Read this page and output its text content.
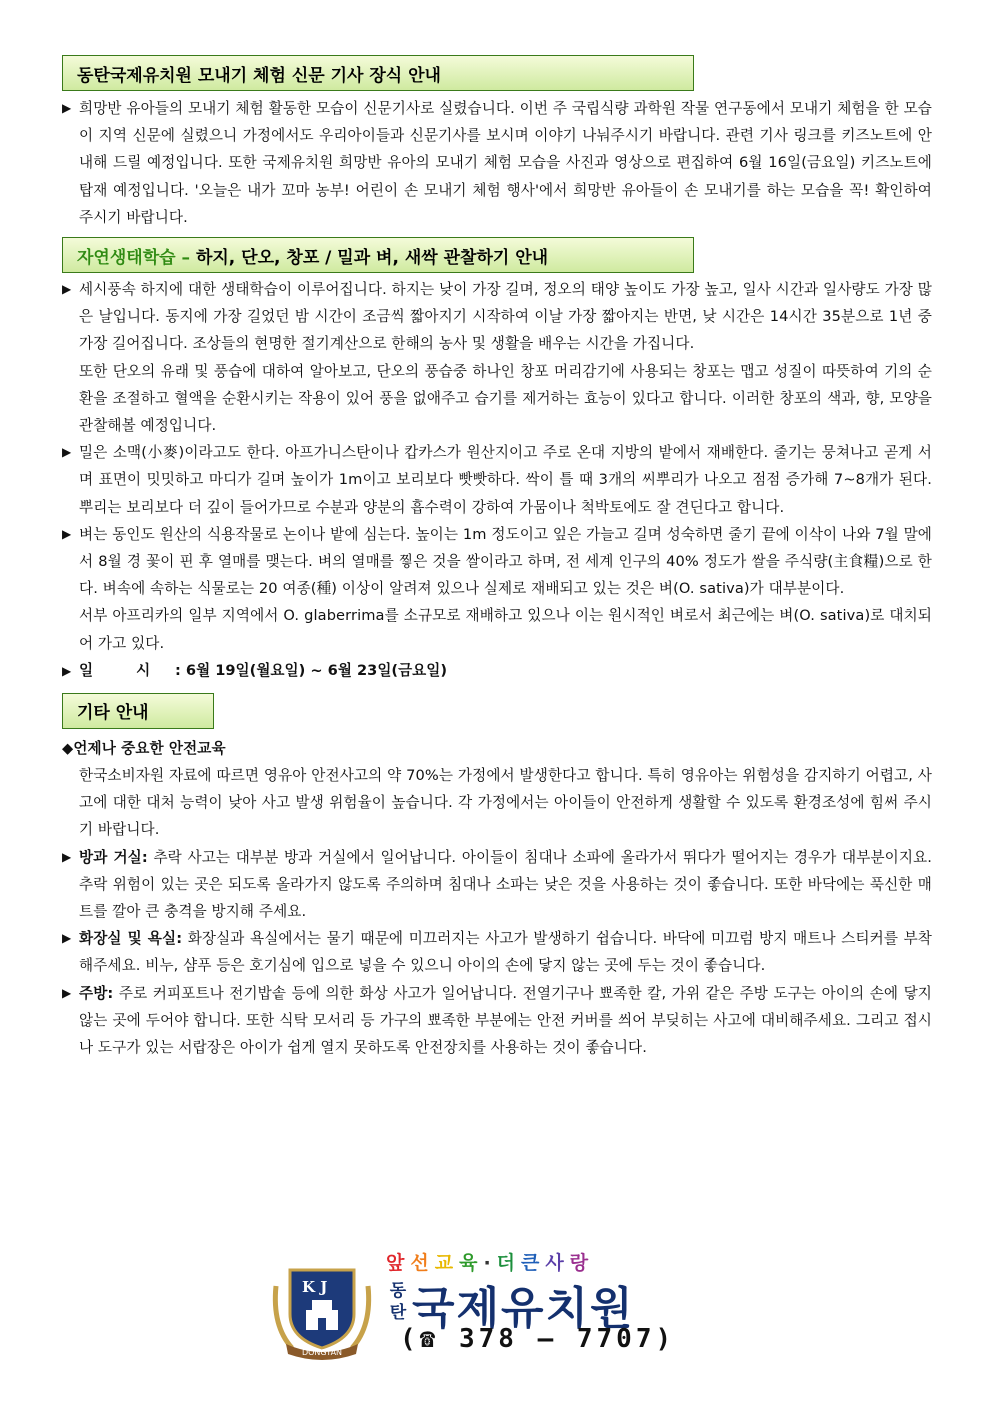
동탄국제유치원 모내기 체험 신문 기사 장식 안내
▶ 희망반 유아들의 모내기 체험 활동한 모습이 신문기사로 실렸습니다. 이번 주 국립식량 과학원 작물 연구동에서 모내기 체험을 한 모습이 지역 신문에 실렸으니 가정에서도 우리아이들과 신문기사를 보시며 이야기 나눠주시기 바랍니다. 관련 기사 링크를 키즈노트에 안내해 드릴 예정입니다. 또한 국제유치원 희망반 유아의 모내기 체험 모습을 사진과 영상으로 편집하여 6월 16일(금요일) 키즈노트에 탑재 예정입니다. '오늘은 내가 꼬마 농부! 어린이 손 모내기 체험 행사'에서 희망반 유아들이 손 모내기를 하는 모습을 꼭! 확인하여 주시기 바랍니다.
자연생태학습 – 하지, 단오, 창포 / 밀과 벼, 새싹 관찰하기 안내
▶ 세시풍속 하지에 대한 생태학습이 이루어집니다. 하지는 낮이 가장 길며, 정오의 태양 높이도 가장 높고, 일사 시간과 일사량도 가장 많은 날입니다. 동지에 가장 길었던 밤 시간이 조금씩 짧아지기 시작하여 이날 가장 짧아지는 반면, 낮 시간은 14시간 35분으로 1년 중 가장 길어집니다. 조상들의 현명한 절기계산으로 한해의 농사 및 생활을 배우는 시간을 가집니다.
또한 단오의 유래 및 풍습에 대하여 알아보고, 단오의 풍습중 하나인 창포 머리감기에 사용되는 창포는 맵고 성질이 따뜻하여 기의 순환을 조절하고 혈액을 순환시키는 작용이 있어 풍을 없애주고 습기를 제거하는 효능이 있다고 합니다. 이러한 창포의 색과, 향, 모양을 관찰해볼 예정입니다.
▶ 밀은 소맥(小麥)이라고도 한다. 아프가니스탄이나 캅카스가 원산지이고 주로 온대 지방의 밭에서 재배한다. 줄기는 뭉쳐나고 곧게 서며 표면이 밋밋하고 마디가 길며 높이가 1m이고 보리보다 빳빳하다. 싹이 틀 때 3개의 씨뿌리가 나오고 점점 증가해 7~8개가 된다. 뿌리는 보리보다 더 깊이 들어가므로 수분과 양분의 흡수력이 강하여 가뭄이나 척박토에도 잘 견딘다고 합니다.
▶ 벼는 동인도 원산의 식용작물로 논이나 밭에 심는다. 높이는 1m 정도이고 잎은 가늘고 길며 성숙하면 줄기 끝에 이삭이 나와 7월 말에서 8월 경 꽃이 핀 후 열매를 맺는다. 벼의 열매를 찧은 것을 쌀이라고 하며, 전 세계 인구의 40% 정도가 쌀을 주식량(主食糧)으로 한다. 벼속에 속하는 식물로는 20 여종(種) 이상이 알려져 있으나 실제로 재배되고 있는 것은 벼(O. sativa)가 대부분이다.
서부 아프리카의 일부 지역에서 O. glaberrima를 소규모로 재배하고 있으나 이는 원시적인 벼로서 최근에는 벼(O. sativa)로 대치되어 가고 있다.
▶ 일 시 : 6월 19일(월요일) ~ 6월 23일(금요일)
기타 안내
◆언제나 중요한 안전교육
한국소비자원 자료에 따르면 영유아 안전사고의 약 70%는 가정에서 발생한다고 합니다. 특히 영유아는 위험성을 감지하기 어렵고, 사고에 대한 대처 능력이 낮아 사고 발생 위험율이 높습니다. 각 가정에서는 아이들이 안전하게 생활할 수 있도록 환경조성에 힘써 주시기 바랍니다.
▶ 방과 거실: 추락 사고는 대부분 방과 거실에서 일어납니다. 아이들이 침대나 소파에 올라가서 뛰다가 떨어지는 경우가 대부분이지요. 추락 위험이 있는 곳은 되도록 올라가지 않도록 주의하며 침대나 소파는 낮은 것을 사용하는 것이 좋습니다. 또한 바닥에는 푹신한 매트를 깔아 큰 충격을 방지해 주세요.
▶ 화장실 및 욕실: 화장실과 욕실에서는 물기 때문에 미끄러지는 사고가 발생하기 쉽습니다. 바닥에 미끄럼 방지 매트나 스티커를 부착해주세요. 비누, 샴푸 등은 호기심에 입으로 넣을 수 있으니 아이의 손에 닿지 않는 곳에 두는 것이 좋습니다.
▶ 주방: 주로 커피포트나 전기밥솥 등에 의한 화상 사고가 일어납니다. 전열기구나 뾰족한 칼, 가위 같은 주방 도구는 아이의 손에 닿지 않는 곳에 두어야 합니다. 또한 식탁 모서리 등 가구의 뾰족한 부분에는 안전 커버를 씌어 부딪히는 사고에 대비해주세요. 그리고 접시나 도구가 있는 서랍장은 아이가 쉽게 열지 못하도록 안전장치를 사용하는 것이 좋습니다.
K J
DONGTAN
앞선교육·더큰사랑
동탄 국제유치원
(☎ 378 – 7707)
